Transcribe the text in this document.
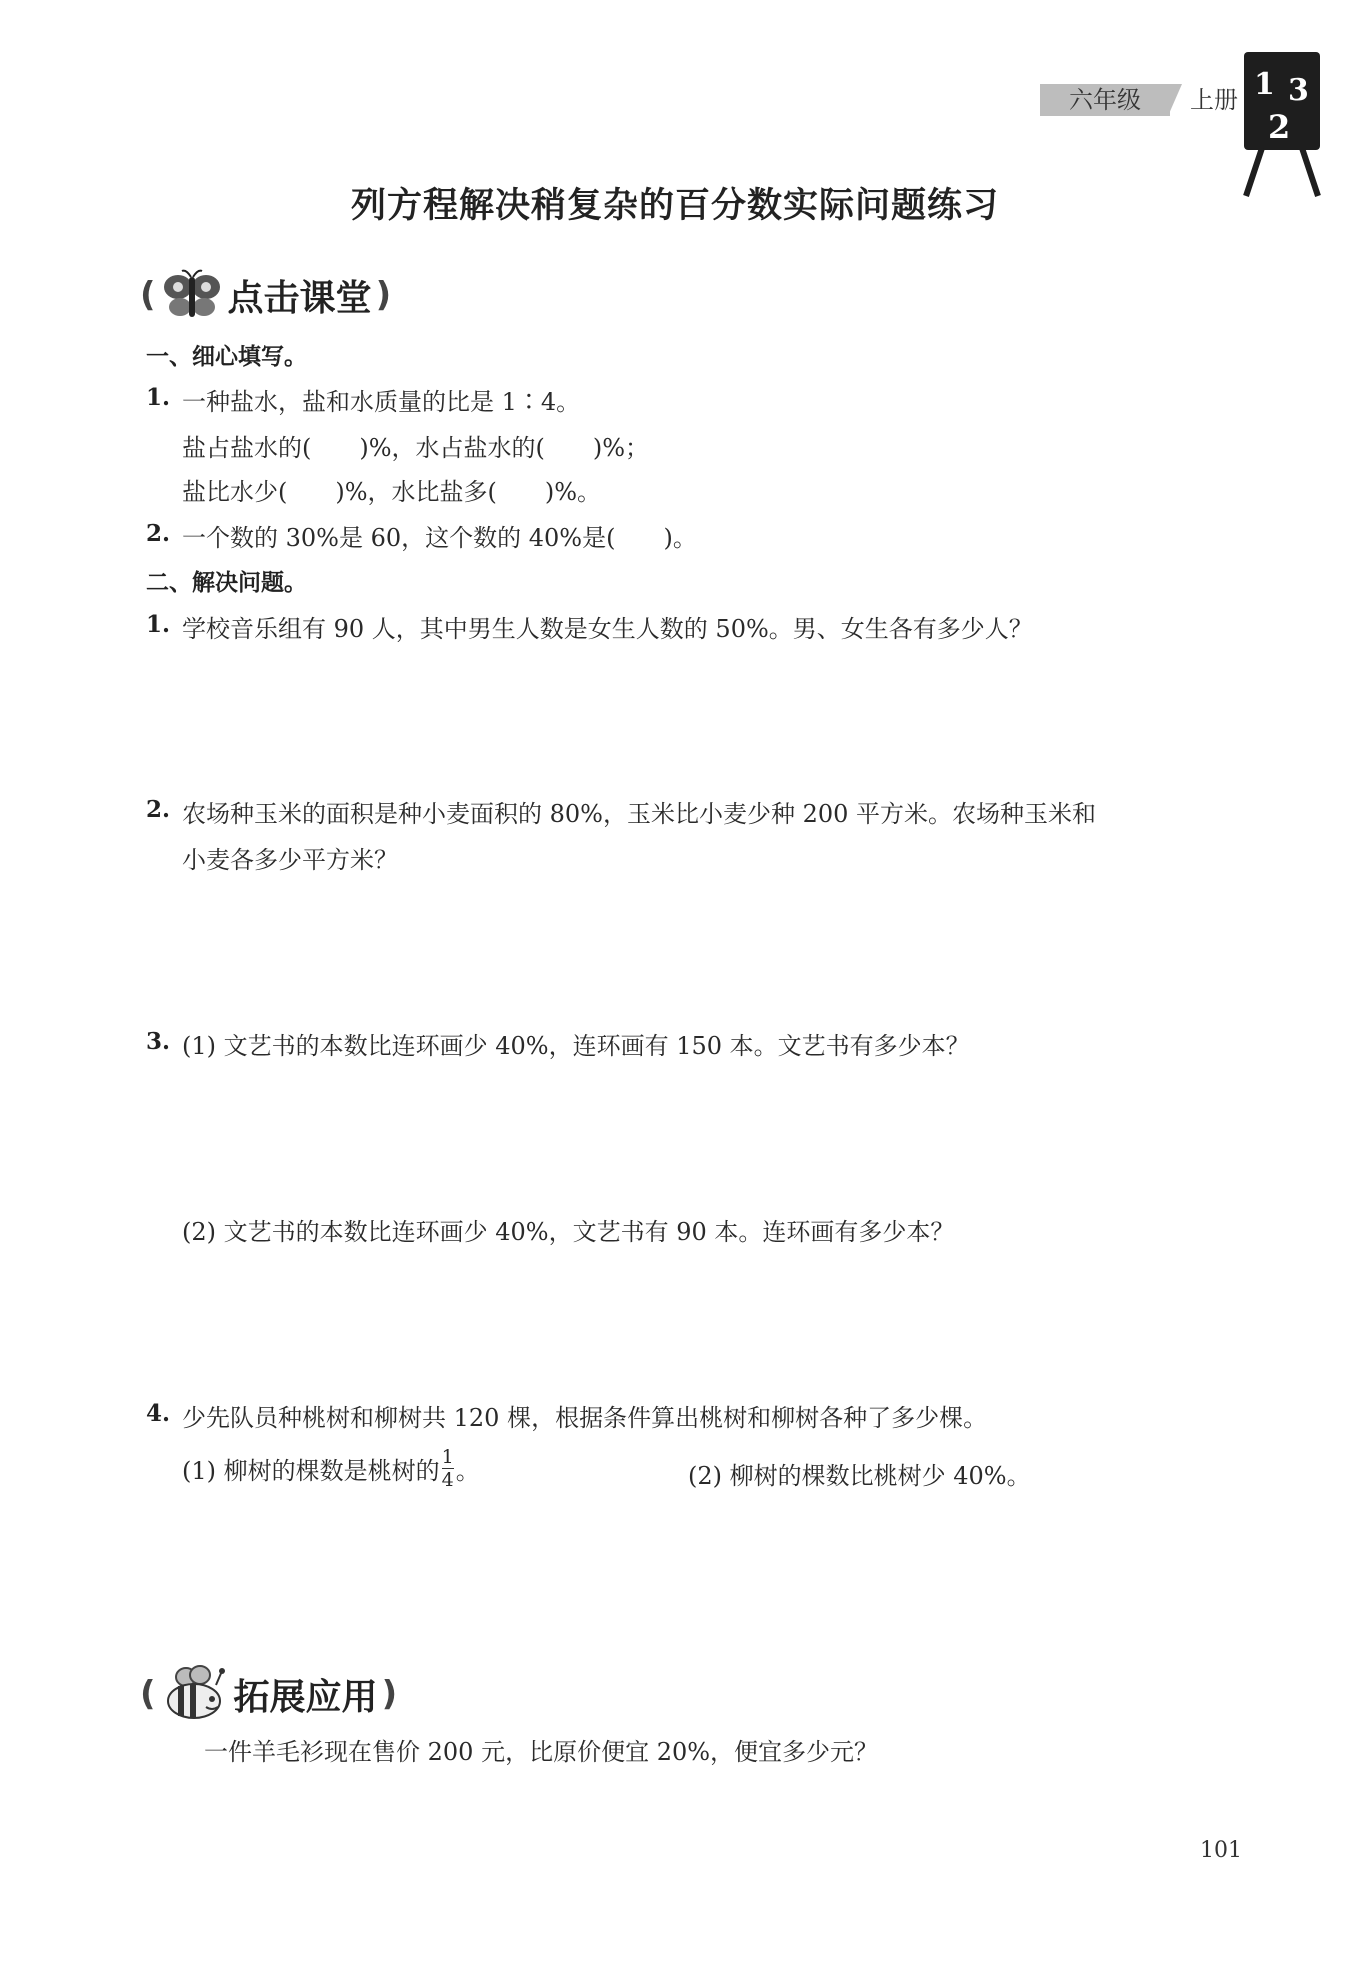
六年级	上册 1 3
2
列方程解决稍复杂的百分数实际问题练习
( 点击课堂 )
一、细心填写。
1. 一种盐水，盐和水质量的比是 1∶4。
盐占盐水的(　　)%，水占盐水的(　　)%；
盐比水少(　　)%，水比盐多(　　)%。
2. 一个数的 30%是 60，这个数的 40%是(　　)。
二、解决问题。
1. 学校音乐组有 90 人，其中男生人数是女生人数的 50%。男、女生各有多少人？
2. 农场种玉米的面积是种小麦面积的 80%，玉米比小麦少种 200 平方米。农场种玉米和
小麦各多少平方米？
3. (1) 文艺书的本数比连环画少 40%，连环画有 150 本。文艺书有多少本？
(2) 文艺书的本数比连环画少 40%，文艺书有 90 本。连环画有多少本？
4. 少先队员种桃树和柳树共 120 棵，根据条件算出桃树和柳树各种了多少棵。
(1) 柳树的棵数是桃树的 $\frac{1}{4}$ 。	(2) 柳树的棵数比桃树少 40%。
( 拓展应用 )
一件羊毛衫现在售价 200 元，比原价便宜 20%，便宜多少元？
101
